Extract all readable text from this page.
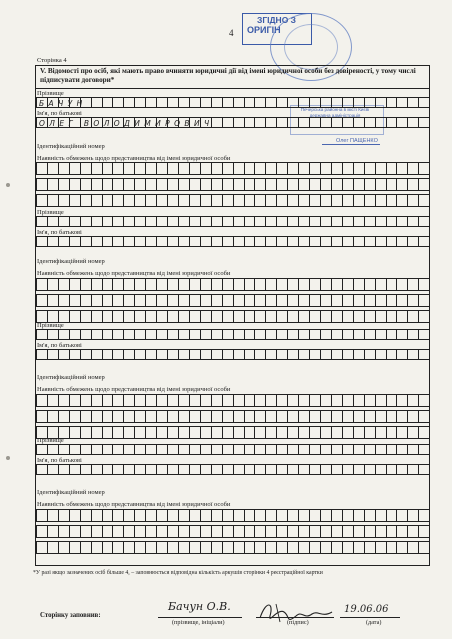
4
ЗГІДНО З
ОРИГІН
Сторінка 4
V. Відомості про осіб, які мають право вчиняти юридичні дії від імені юридичної особи без довіреності, у тому числі підписувати договори*
Печерська районна в місті Києві
державна адміністрація
Олег ПАЩЕНКО
Прізвище
БАЧУН
Ім'я, по батькові
ОЛЕГ ВОЛОДИМИРОВИЧ
Ідентифікаційний номер
Наявність обмежень щодо представництва від імені юридичної особи
Прізвище
Ім'я, по батькові
Ідентифікаційний номер
Наявність обмежень щодо представництва від імені юридичної особи
Прізвище
Ім'я, по батькові
Ідентифікаційний номер
Наявність обмежень щодо представництва від імені юридичної особи
Прізвище
Ім'я, по батькові
Ідентифікаційний номер
Наявність обмежень щодо представництва від імені юридичної особи
*У разі якщо зазначених осіб більше 4, – заповнюється відповідна кількість аркушів сторінки 4 реєстраційної картки
Сторінку заповнив:
Бачун О.В.
(прізвище, ініціали)	(підпис)
19.06.06
(дата)
